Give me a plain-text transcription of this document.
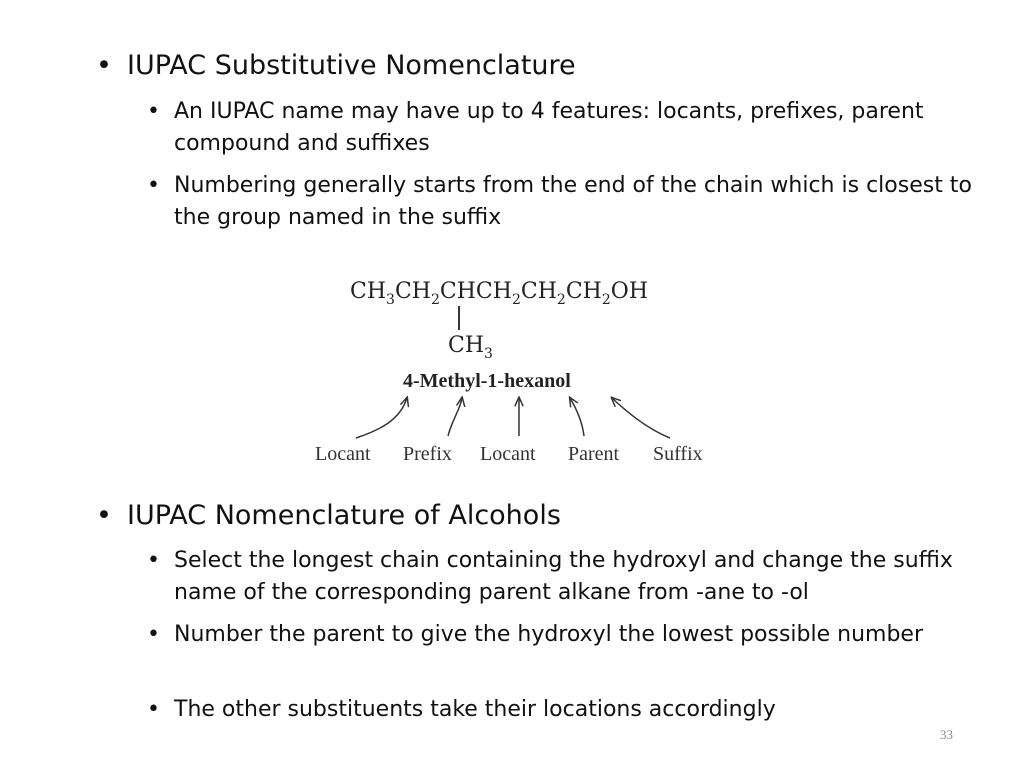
• IUPAC Substitutive Nomenclature
• An IUPAC name may have up to 4 features: locants, prefixes, parent compound and suffixes
• Numbering generally starts from the end of the chain which is closest to the group named in the suffix
CH3CH2CHCH2CH2CH2OH
CH3
4-Methyl-1-hexanol
Locant Prefix Locant Parent Suffix
• IUPAC Nomenclature of Alcohols
• Select the longest chain containing the hydroxyl and change the suffix name of the corresponding parent alkane from -ane to -ol
• Number the parent to give the hydroxyl the lowest possible number
• The other substituents take their locations accordingly
33
